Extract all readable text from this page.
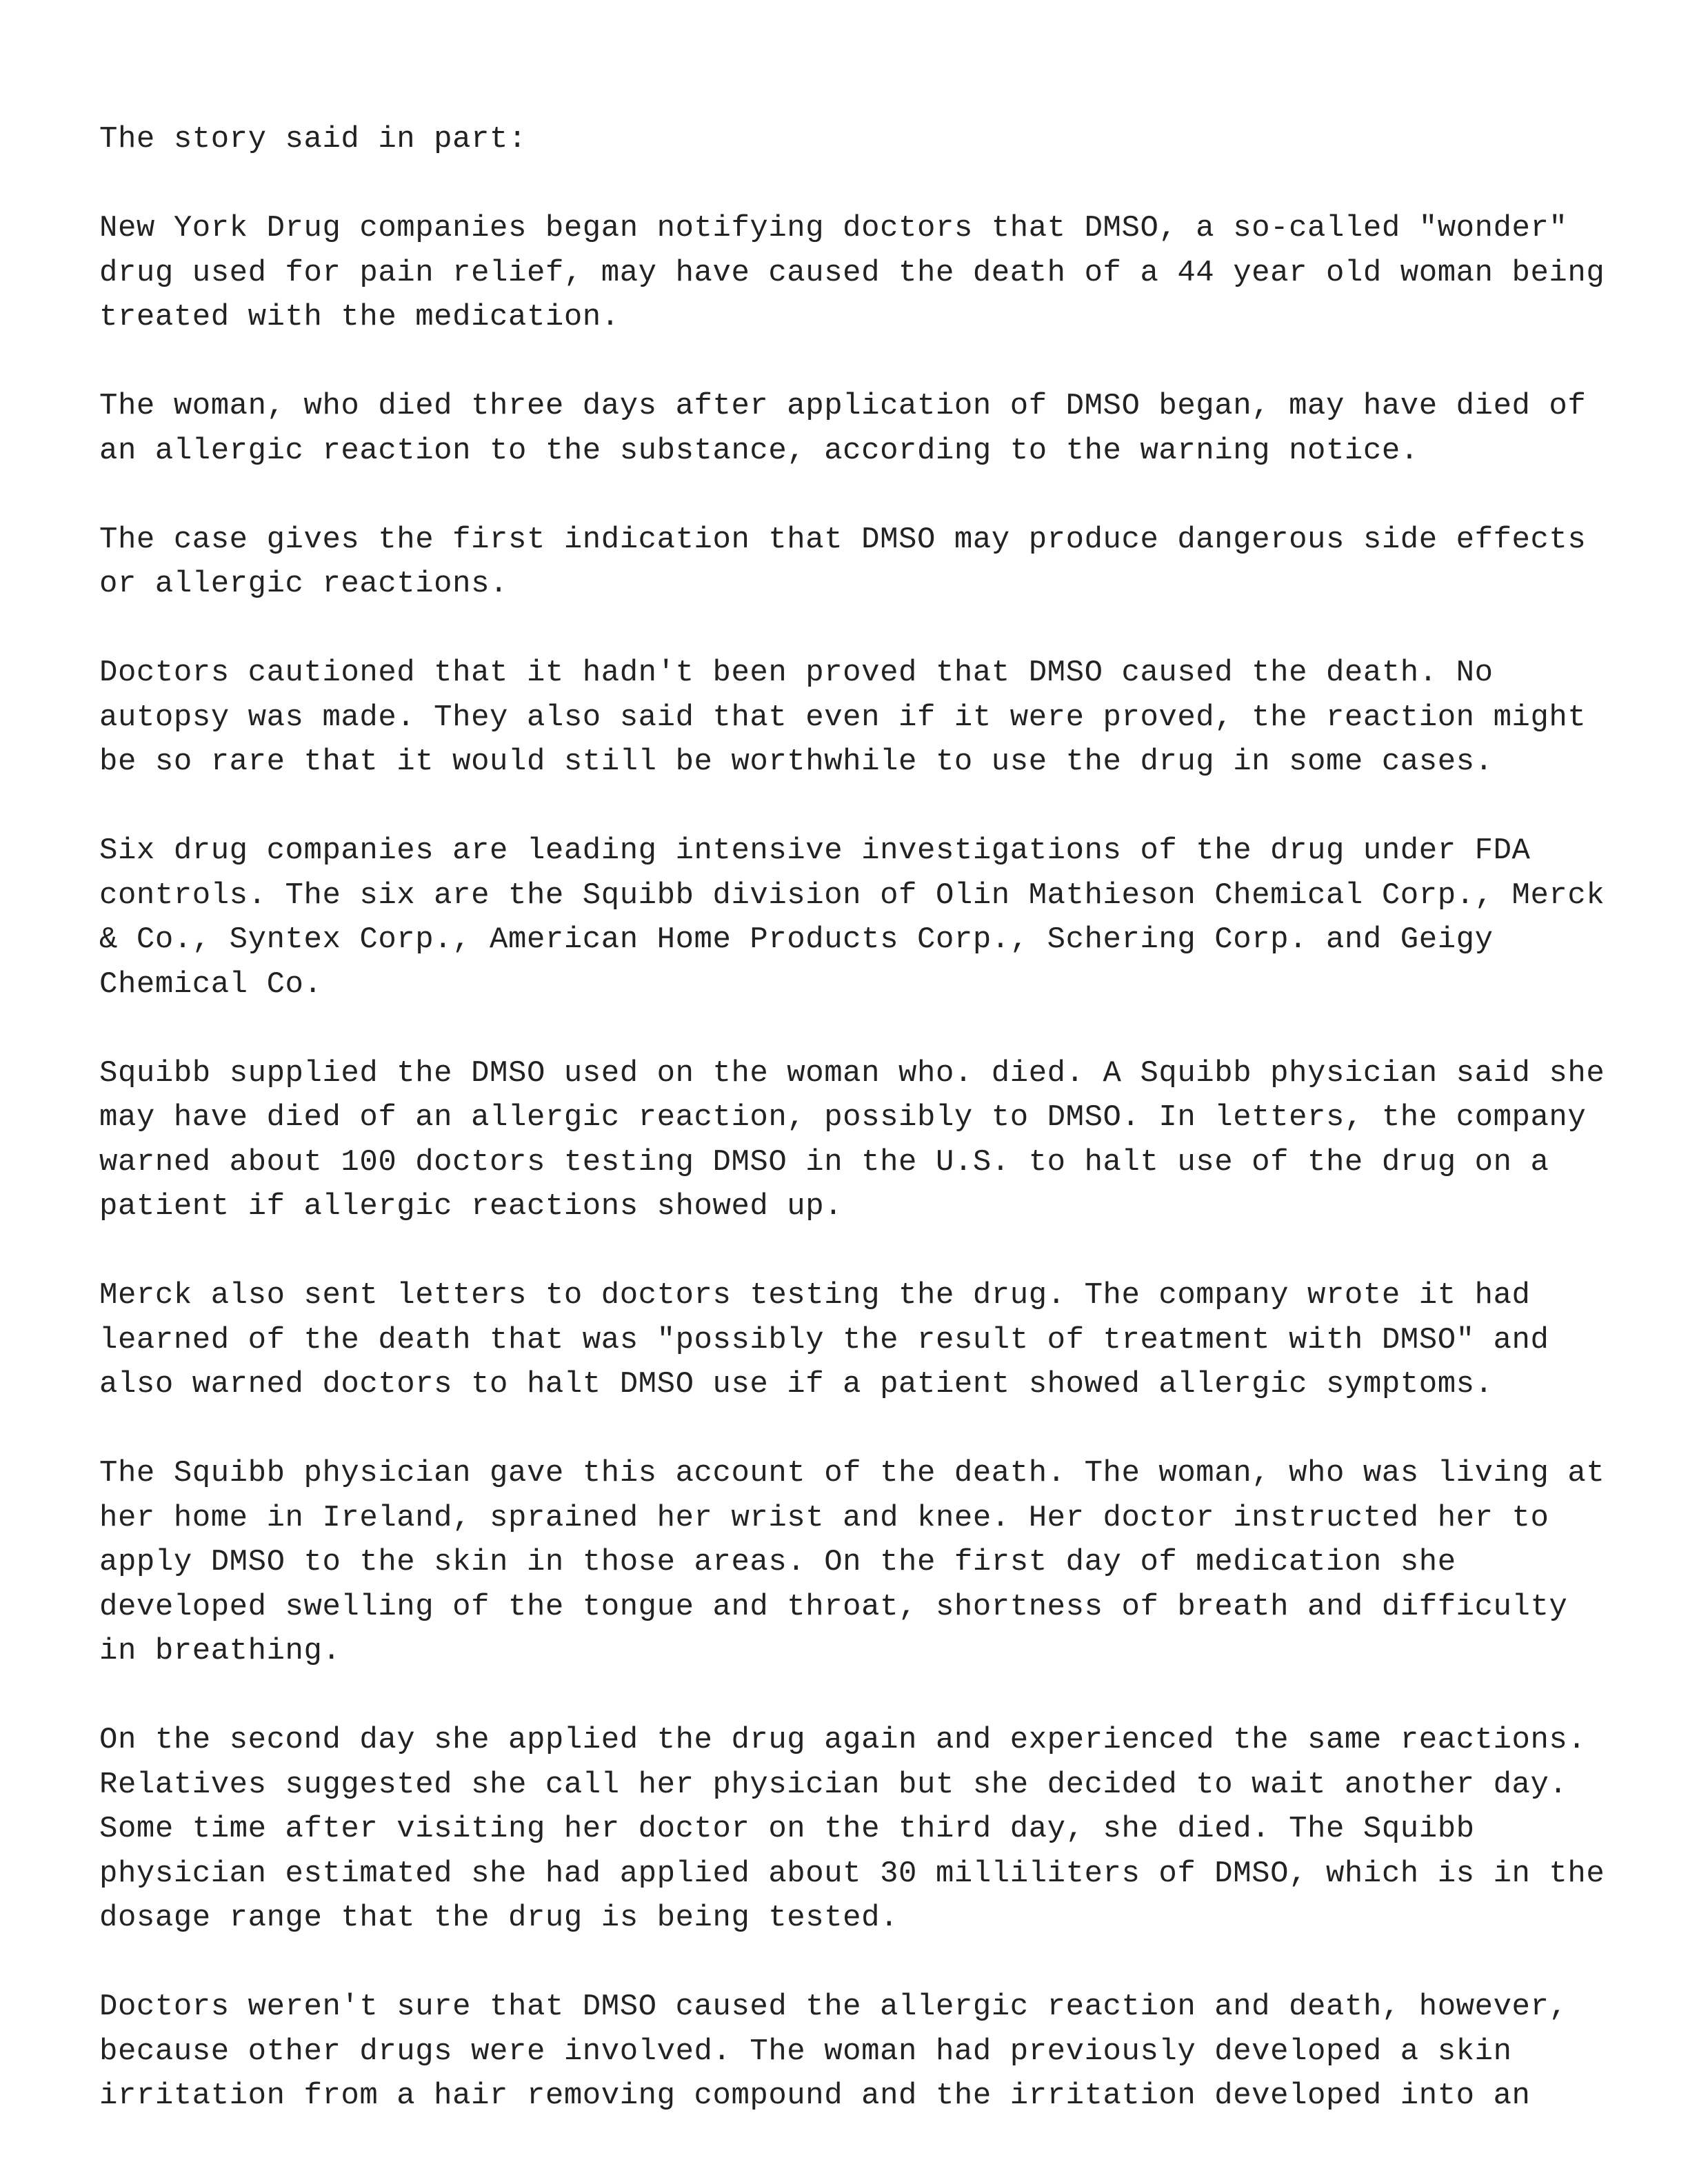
The story said in part:

New York Drug companies began notifying doctors that DMSO, a so-called "wonder"
drug used for pain relief, may have caused the death of a 44 year old woman being
treated with the medication.

The woman, who died three days after application of DMSO began, may have died of
an allergic reaction to the substance, according to the warning notice.

The case gives the first indication that DMSO may produce dangerous side effects
or allergic reactions.

Doctors cautioned that it hadn't been proved that DMSO caused the death. No
autopsy was made. They also said that even if it were proved, the reaction might
be so rare that it would still be worthwhile to use the drug in some cases.

Six drug companies are leading intensive investigations of the drug under FDA
controls. The six are the Squibb division of Olin Mathieson Chemical Corp., Merck
& Co., Syntex Corp., American Home Products Corp., Schering Corp. and Geigy
Chemical Co.

Squibb supplied the DMSO used on the woman who. died. A Squibb physician said she
may have died of an allergic reaction, possibly to DMSO. In letters, the company
warned about 100 doctors testing DMSO in the U.S. to halt use of the drug on a
patient if allergic reactions showed up.

Merck also sent letters to doctors testing the drug. The company wrote it had
learned of the death that was "possibly the result of treatment with DMSO" and
also warned doctors to halt DMSO use if a patient showed allergic symptoms.

The Squibb physician gave this account of the death. The woman, who was living at
her home in Ireland, sprained her wrist and knee. Her doctor instructed her to
apply DMSO to the skin in those areas. On the first day of medication she
developed swelling of the tongue and throat, shortness of breath and difficulty
in breathing.

On the second day she applied the drug again and experienced the same reactions.
Relatives suggested she call her physician but she decided to wait another day.
Some time after visiting her doctor on the third day, she died. The Squibb
physician estimated she had applied about 30 milliliters of DMSO, which is in the
dosage range that the drug is being tested.

Doctors weren't sure that DMSO caused the allergic reaction and death, however,
because other drugs were involved. The woman had previously developed a skin
irritation from a hair removing compound and the irritation developed into an
